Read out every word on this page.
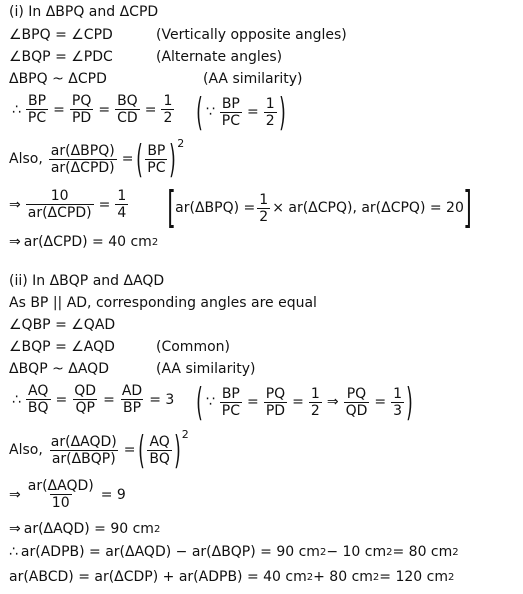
(i) In ΔBPQ and ΔCPD
∠BPQ = ∠CPD	(Vertically opposite angles)
∠BQP = ∠PDC	(Alternate angles)
ΔBPQ ~ ΔCPD	(AA similarity)
∴ $\frac{BP}{PC} = \frac{PQ}{PD} = \frac{BQ}{CD} = \frac{1}{2}$ ( ∵ $\frac{BP}{PC} = \frac{1}{2}$ )
Also, $\frac{\text{ar(ΔBPQ)}}{\text{ar(ΔCPD)}}$ = ( $\frac{BP}{PC}$ ) 2
⇒ $\frac{10}{\text{ar(ΔCPD)}} = \frac{1}{4}$ [ $ar(\Delta BPQ) = \frac{1}{2} \times ar(\Delta CPQ)$, ar(ΔCPQ) = 20 ]
⇒ ar(ΔCPD) = 40 cm 2
(ii) In ΔBQP and ΔAQD
As BP || AD, corresponding angles are equal
∠QBP = ∠QAD
∠BQP = ∠AQD	(Common)
ΔBQP ~ ΔAQD	(AA similarity)
∴ $\frac{AQ}{BQ} = \frac{QD}{QP} = \frac{AD}{BP} = 3$ ( ∵ $\frac{BP}{PC} = \frac{PQ}{PD} = \frac{1}{2}$ ⇒ $\frac{PQ}{QD} = \frac{1}{3}$ )
Also, $\frac{\text{ar(ΔAQD)}}{\text{ar(ΔBQP)}}$ = ( $\frac{AQ}{BQ}$ ) 2
⇒ $\frac{\text{ar(ΔAQD)}}{10} = 9$
⇒ ar(ΔAQD) = 90 cm 2
∴ ar(ADPB) = ar(ΔAQD) − ar(ΔBQP) = 90 cm 2 − 10 cm 2 = 80 cm 2
ar(ABCD) = ar(ΔCDP) + ar(ADPB) = 40 cm 2 + 80 cm 2 = 120 cm 2
